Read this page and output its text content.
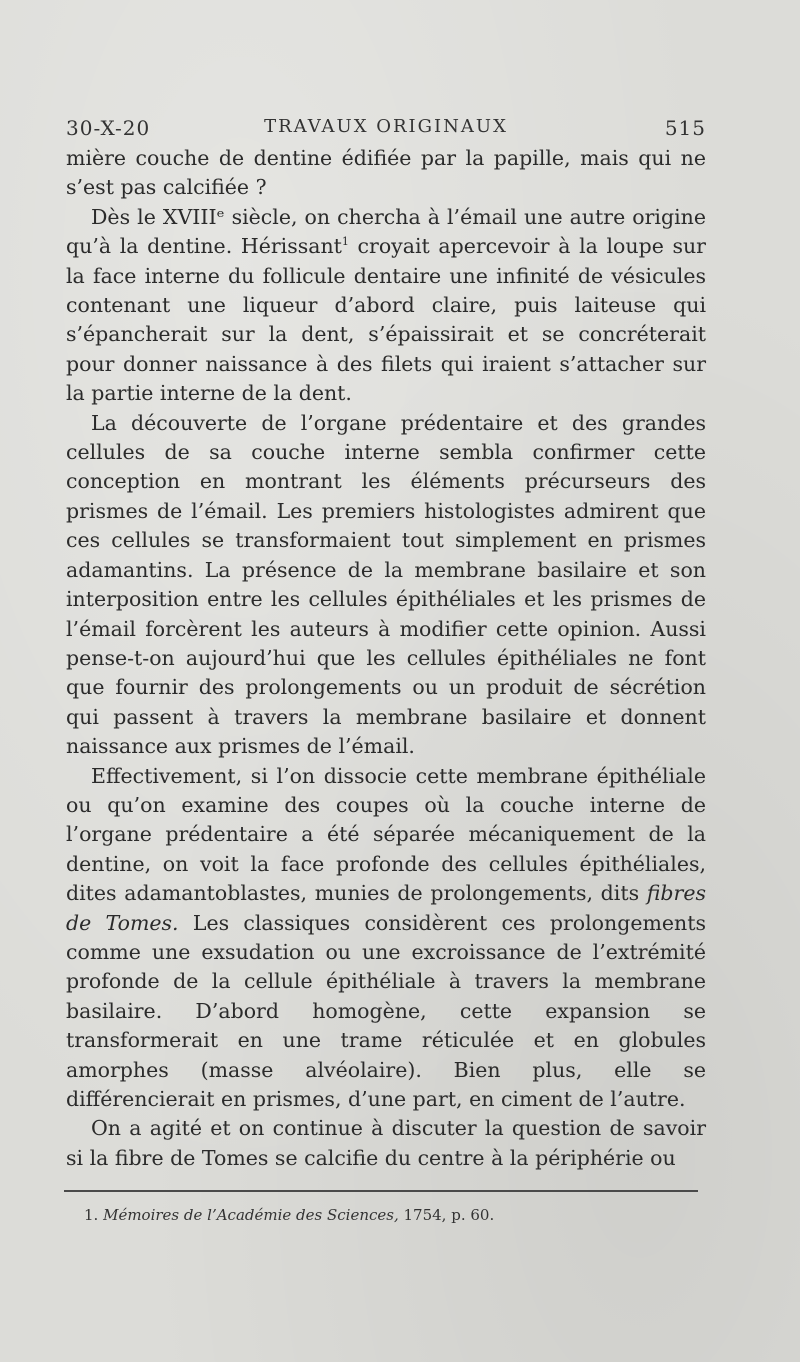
30-X-20	TRAVAUX ORIGINAUX	515

mière couche de dentine édifiée par la papille, mais qui ne s’est pas calcifiée ?

Dès le XVIIIᵉ siècle, on chercha à l’émail une autre origine qu’à la dentine. Hérissant$^1$ croyait apercevoir à la loupe sur la face interne du follicule dentaire une infinité de vésicules contenant une liqueur d’abord claire, puis laiteuse qui s’épancherait sur la dent, s’épaissirait et se concréterait pour donner naissance à des filets qui iraient s’attacher sur la partie interne de la dent.

La découverte de l’organe prédentaire et des grandes cellules de sa couche interne sembla confirmer cette conception en montrant les éléments précurseurs des prismes de l’émail. Les premiers histologistes admirent que ces cellules se transformaient tout simplement en prismes adamantins. La présence de la membrane basilaire et son interposition entre les cellules épithéliales et les prismes de l’émail forcèrent les auteurs à modifier cette opinion. Aussi pense-t-on aujourd’hui que les cellules épithéliales ne font que fournir des prolongements ou un produit de sécrétion qui passent à travers la membrane basilaire et donnent naissance aux prismes de l’émail.

Effectivement, si l’on dissocie cette membrane épithéliale ou qu’on examine des coupes où la couche interne de l’organe prédentaire a été séparée mécaniquement de la dentine, on voit la face profonde des cellules épithéliales, dites adamantoblastes, munies de prolongements, dits fibres de Tomes. Les classiques considèrent ces prolongements comme une exsudation ou une excroissance de l’extrémité profonde de la cellule épithéliale à travers la membrane basilaire. D’abord homogène, cette expansion se transformerait en une trame réticulée et en globules amorphes (masse alvéolaire). Bien plus, elle se différencierait en prismes, d’une part, en ciment de l’autre.

On a agité et on continue à discuter la question de savoir si la fibre de Tomes se calcifie du centre à la périphérie ou

1. Mémoires de l’Académie des Sciences, 1754, p. 60.
